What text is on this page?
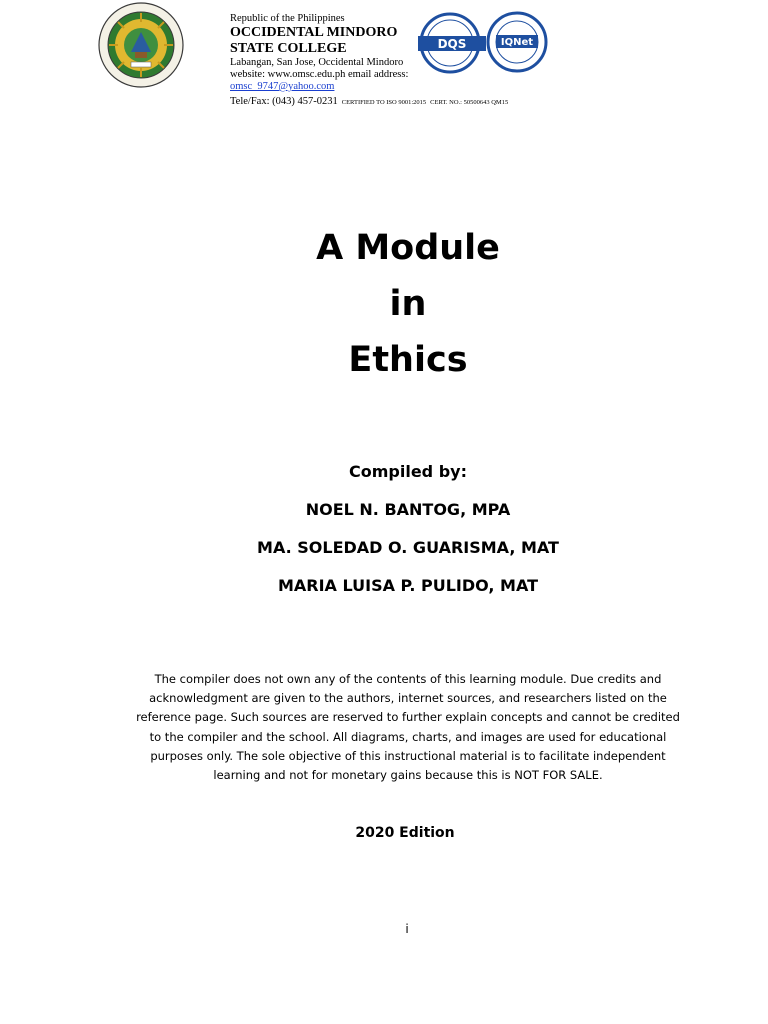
Republic of the Philippines
OCCIDENTAL MINDORO
STATE COLLEGE
Labangan, San Jose, Occidental Mindoro
website: www.omsc.edu.ph email address:
omsc_9747@yahoo.com
Tele/Fax: (043) 457-0231 CERTIFIED TO ISO 9001:2015 CERT. NO.: 50500643 QM15
DQS	IQNet
A Module
in
Ethics
Compiled by:
NOEL N. BANTOG, MPA
MA. SOLEDAD O. GUARISMA, MAT
MARIA LUISA P. PULIDO, MAT
The compiler does not own any of the contents of this learning module. Due credits and acknowledgment are given to the authors, internet sources, and researchers listed on the reference page. Such sources are reserved to further explain concepts and cannot be credited to the compiler and the school. All diagrams, charts, and images are used for educational purposes only. The sole objective of this instructional material is to facilitate independent learning and not for monetary gains because this is NOT FOR SALE.
2020 Edition
i
